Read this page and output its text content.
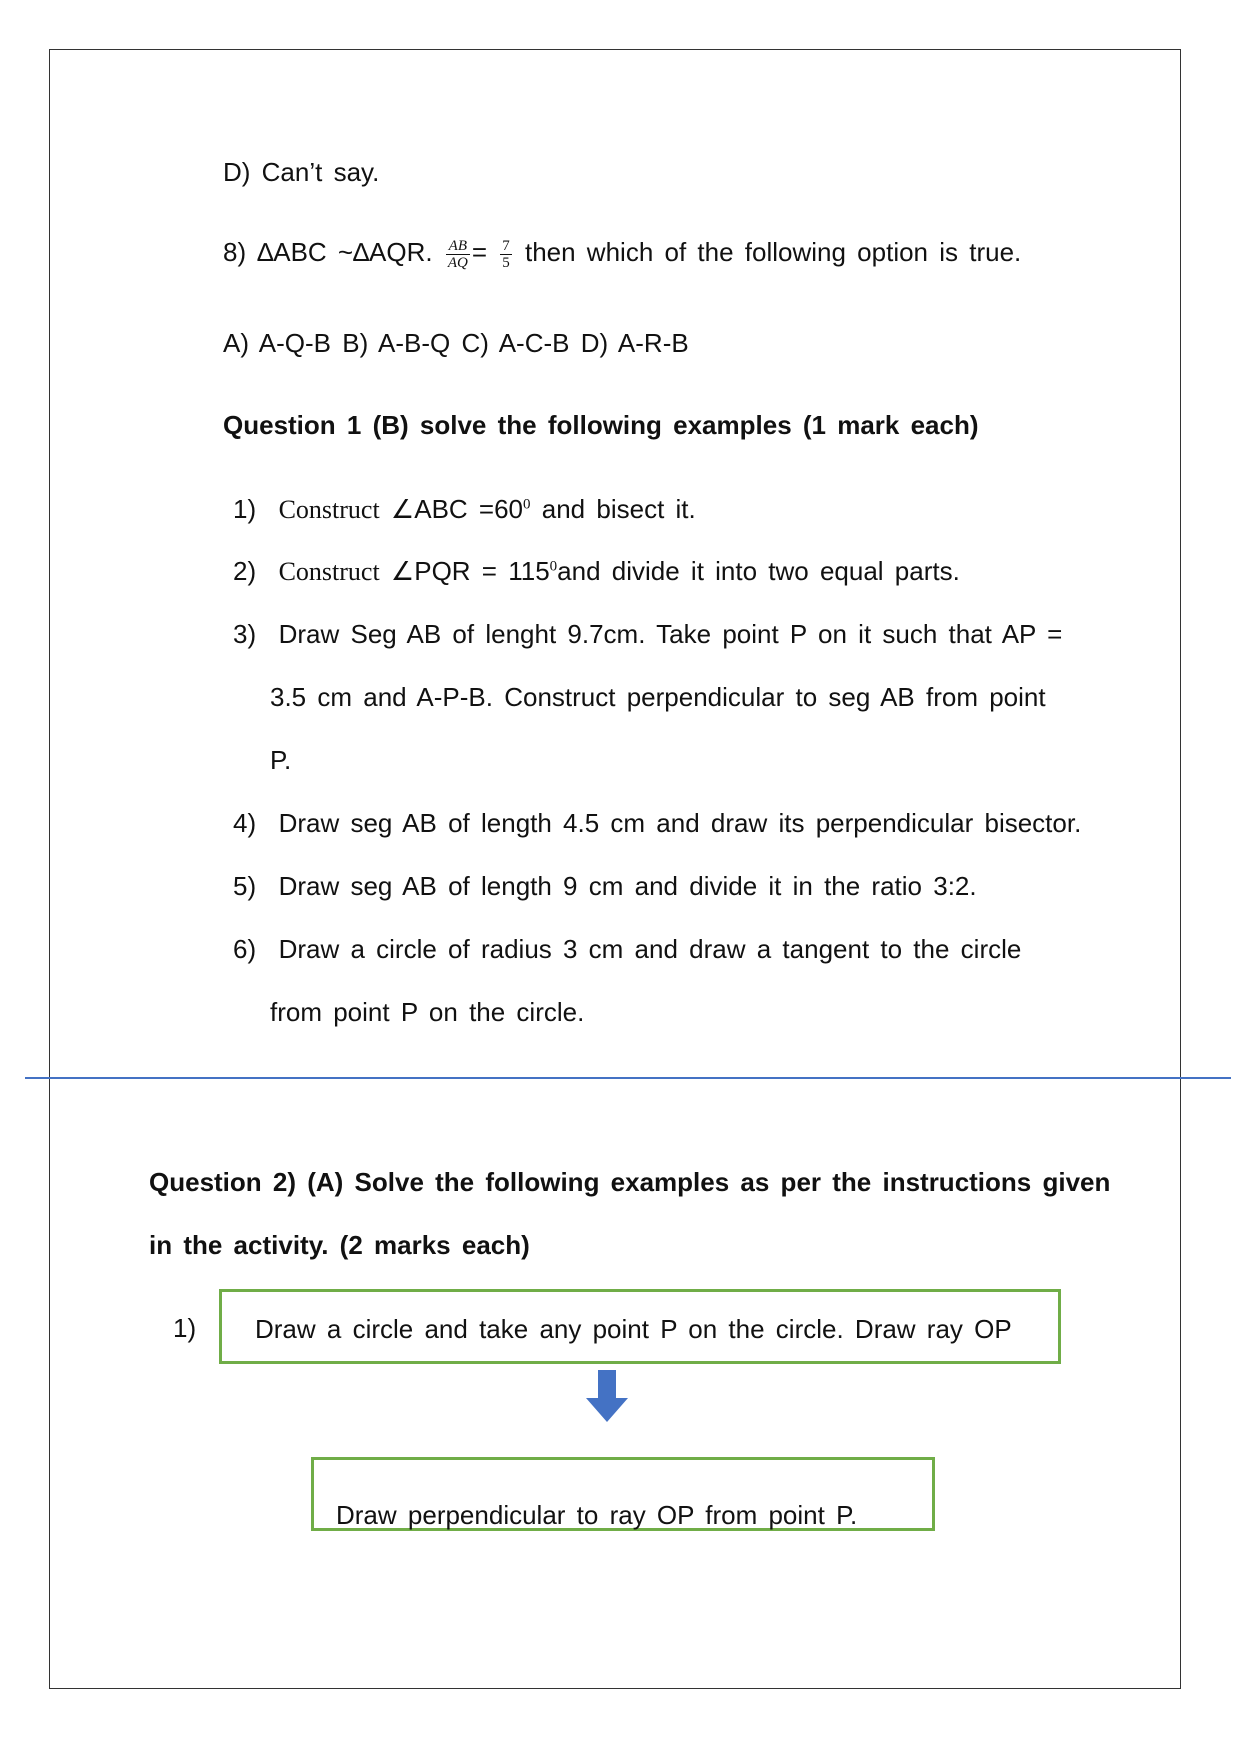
D) Can’t say.
8) ∆ABC ~∆AQR. $\frac{AB}{AQ} = \frac{7}{5}$ then which of the following option is true.
A) A-Q-B B) A-B-Q C) A-C-B D) A-R-B
Question 1 (B) solve the following examples (1 mark each)
1) Construct ∠ABC $=60^0$ and bisect it.
2) Construct ∠PQR = $115^0and$ divide it into two equal parts.
3) Draw Seg AB of lenght 9.7cm. Take point P on it such that AP =
3.5 cm and A-P-B. Construct perpendicular to seg AB from point
P.
4) Draw seg AB of length 4.5 cm and draw its perpendicular bisector.
5) Draw seg AB of length 9 cm and divide it in the ratio 3:2.
6) Draw a circle of radius 3 cm and draw a tangent to the circle
from point P on the circle.
Question 2) (A) Solve the following examples as per the instructions given
in the activity. (2 marks each)
1) Draw a circle and take any point P on the circle. Draw ray OP
Draw perpendicular to ray OP from point P.
